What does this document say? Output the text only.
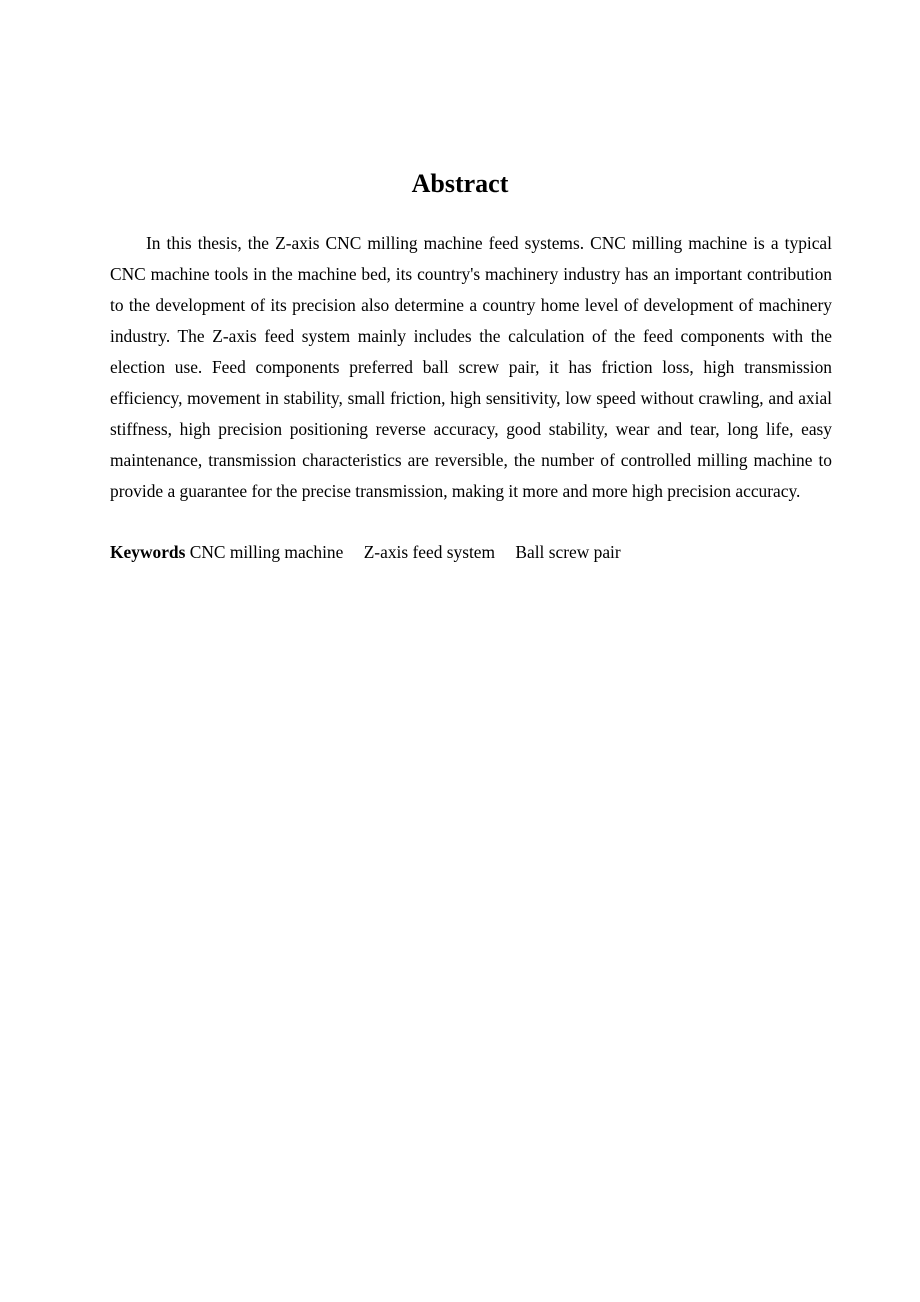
Abstract

In this thesis, the Z-axis CNC milling machine feed systems. CNC milling machine is a typical CNC machine tools in the machine bed, its country's machinery industry has an important contribution to the development of its precision also determine a country home level of development of machinery industry. The Z-axis feed system mainly includes the calculation of the feed components with the election use. Feed components preferred ball screw pair, it has friction loss, high transmission efficiency, movement in stability, small friction, high sensitivity, low speed without crawling, and axial stiffness, high precision positioning reverse accuracy, good stability, wear and tear, long life, easy maintenance, transmission characteristics are reversible, the number of controlled milling machine to provide a guarantee for the precise transmission, making it more and more high precision accuracy.

Keywords CNC milling machine Z-axis feed system Ball screw pair
